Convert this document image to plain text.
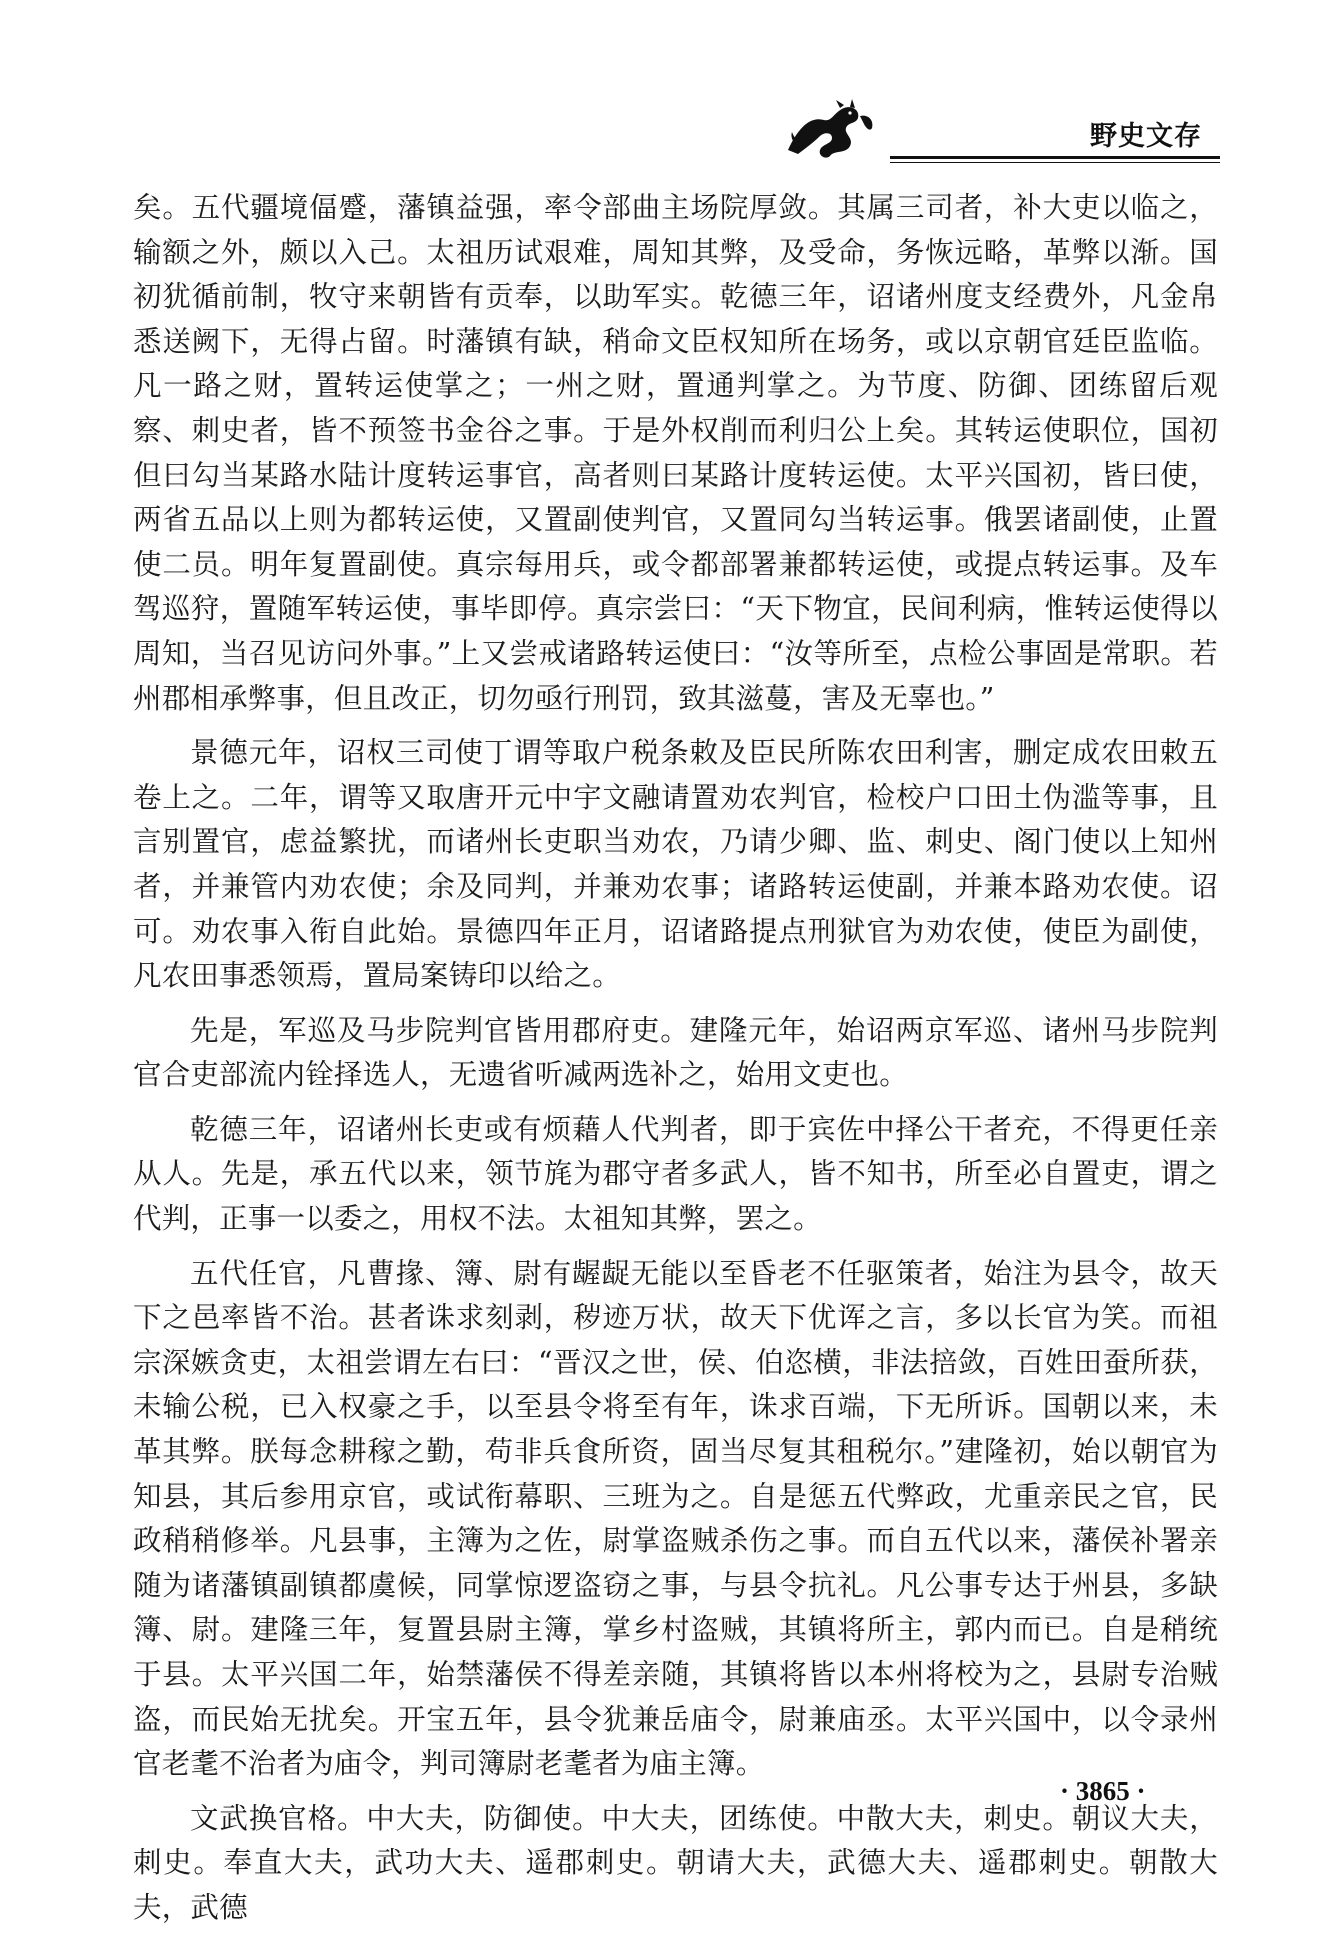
野史文存

矣。五代疆境偪蹙，藩镇益强，率令部曲主场院厚敛。其属三司者，补大吏以临之，输额之外，颇以入己。太祖历试艰难，周知其弊，及受命，务恢远略，革弊以渐。国初犹循前制，牧守来朝皆有贡奉，以助军实。乾德三年，诏诸州度支经费外，凡金帛悉送阙下，无得占留。时藩镇有缺，稍命文臣权知所在场务，或以京朝官廷臣监临。凡一路之财，置转运使掌之；一州之财，置通判掌之。为节度、防御、团练留后观察、刺史者，皆不预签书金谷之事。于是外权削而利归公上矣。其转运使职位，国初但曰勾当某路水陆计度转运事官，高者则曰某路计度转运使。太平兴国初，皆曰使，两省五品以上则为都转运使，又置副使判官，又置同勾当转运事。俄罢诸副使，止置使二员。明年复置副使。真宗每用兵，或令都部署兼都转运使，或提点转运事。及车驾巡狩，置随军转运使，事毕即停。真宗尝曰：“天下物宜，民间利病，惟转运使得以周知，当召见访问外事。”上又尝戒诸路转运使曰：“汝等所至，点检公事固是常职。若州郡相承弊事，但且改正，切勿亟行刑罚，致其滋蔓，害及无辜也。”

景德元年，诏权三司使丁谓等取户税条敕及臣民所陈农田利害，删定成农田敕五卷上之。二年，谓等又取唐开元中宇文融请置劝农判官，检校户口田土伪滥等事，且言别置官，虑益繁扰，而诸州长吏职当劝农，乃请少卿、监、刺史、阁门使以上知州者，并兼管内劝农使；余及同判，并兼劝农事；诸路转运使副，并兼本路劝农使。诏可。劝农事入衔自此始。景德四年正月，诏诸路提点刑狱官为劝农使，使臣为副使，凡农田事悉领焉，置局案铸印以给之。

先是，军巡及马步院判官皆用郡府吏。建隆元年，始诏两京军巡、诸州马步院判官合吏部流内铨择选人，无遗省听减两选补之，始用文吏也。

乾德三年，诏诸州长吏或有烦藉人代判者，即于宾佐中择公干者充，不得更任亲从人。先是，承五代以来，领节旄为郡守者多武人，皆不知书，所至必自置吏，谓之代判，正事一以委之，用权不法。太祖知其弊，罢之。

五代任官，凡曹掾、簿、尉有龌龊无能以至昏老不任驱策者，始注为县令，故天下之邑率皆不治。甚者诛求刻剥，秽迹万状，故天下优诨之言，多以长官为笑。而祖宗深嫉贪吏，太祖尝谓左右曰：“晋汉之世，侯、伯恣横，非法掊敛，百姓田蚕所获，未输公税，已入权豪之手，以至县令将至有年，诛求百端，下无所诉。国朝以来，未革其弊。朕每念耕稼之勤，苟非兵食所资，固当尽复其租税尔。”建隆初，始以朝官为知县，其后参用京官，或试衔幕职、三班为之。自是惩五代弊政，尤重亲民之官，民政稍稍修举。凡县事，主簿为之佐，尉掌盗贼杀伤之事。而自五代以来，藩侯补署亲随为诸藩镇副镇都虞候，同掌惊逻盗窃之事，与县令抗礼。凡公事专达于州县，多缺簿、尉。建隆三年，复置县尉主簿，掌乡村盗贼，其镇将所主，郭内而已。自是稍统于县。太平兴国二年，始禁藩侯不得差亲随，其镇将皆以本州将校为之，县尉专治贼盗，而民始无扰矣。开宝五年，县令犹兼岳庙令，尉兼庙丞。太平兴国中，以令录州官老耄不治者为庙令，判司簿尉老耄者为庙主簿。

文武换官格。中大夫，防御使。中大夫，团练使。中散大夫，刺史。朝议大夫，刺史。奉直大夫，武功大夫、遥郡刺史。朝请大夫，武德大夫、遥郡刺史。朝散大夫，武德

· 3865 ·
